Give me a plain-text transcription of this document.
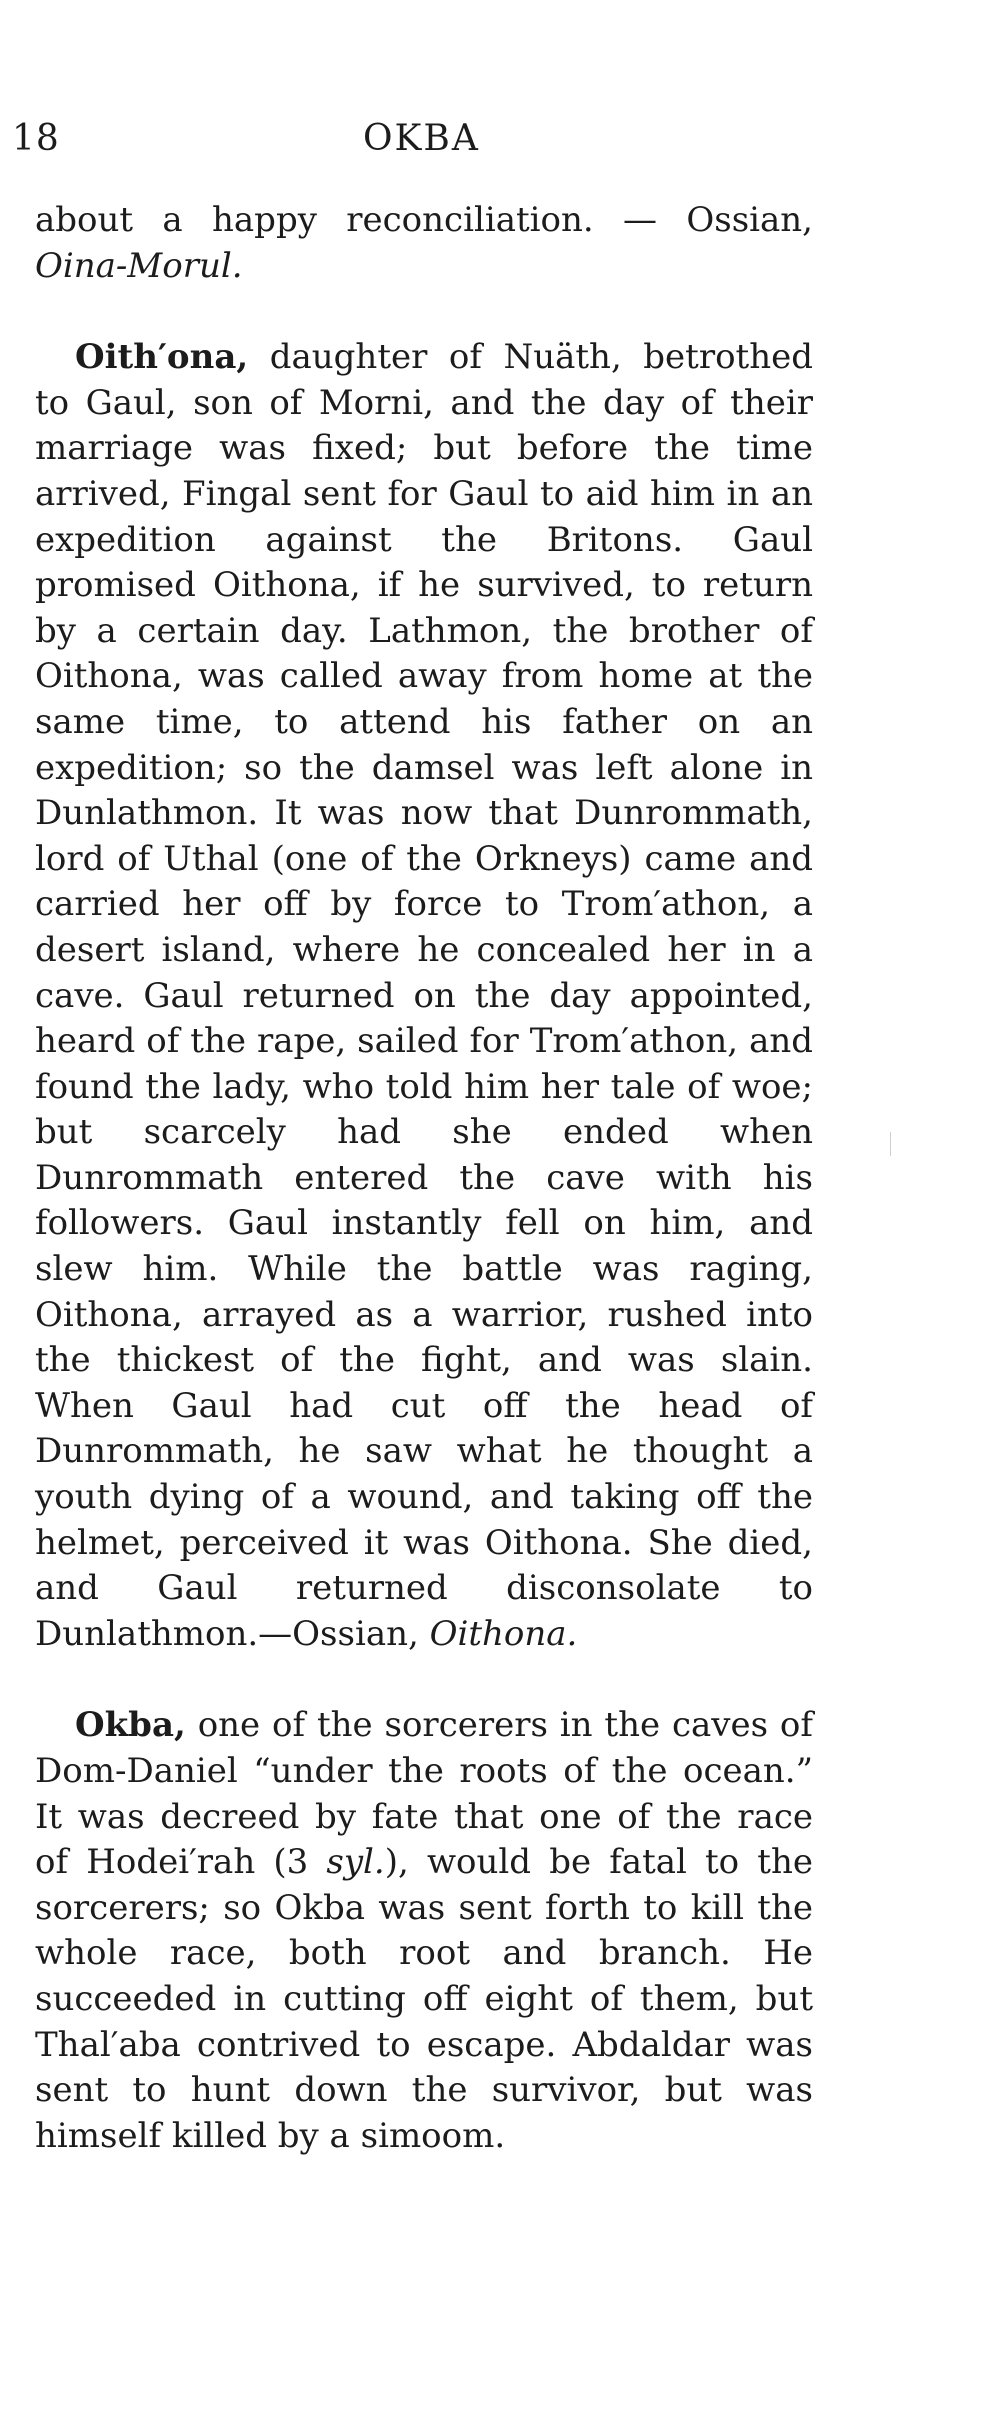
18	OKBA

about a happy reconciliation. — Ossian, Oina-Morul.

Oith′ona, daughter of Nuäth, betrothed to Gaul, son of Morni, and the day of their marriage was fixed; but before the time arrived, Fingal sent for Gaul to aid him in an expedition against the Britons. Gaul promised Oithona, if he survived, to return by a certain day. Lathmon, the brother of Oithona, was called away from home at the same time, to attend his father on an expedition; so the damsel was left alone in Dunlathmon. It was now that Dunrommath, lord of Uthal (one of the Orkneys) came and carried her off by force to Trom′athon, a desert island, where he concealed her in a cave. Gaul returned on the day appointed, heard of the rape, sailed for Trom′athon, and found the lady, who told him her tale of woe; but scarcely had she ended when Dunrommath entered the cave with his followers. Gaul instantly fell on him, and slew him. While the battle was raging, Oithona, arrayed as a warrior, rushed into the thickest of the fight, and was slain. When Gaul had cut off the head of Dunrommath, he saw what he thought a youth dying of a wound, and taking off the helmet, perceived it was Oithona. She died, and Gaul returned disconsolate to Dunlathmon.—Ossian, Oithona.

Okba, one of the sorcerers in the caves of Dom-Daniel “under the roots of the ocean.” It was decreed by fate that one of the race of Hodei′rah (3 syl.), would be fatal to the sorcerers; so Okba was sent forth to kill the whole race, both root and branch. He succeeded in cutting off eight of them, but Thal′aba contrived to escape. Abdaldar was sent to hunt down the survivor, but was himself killed by a simoom.
